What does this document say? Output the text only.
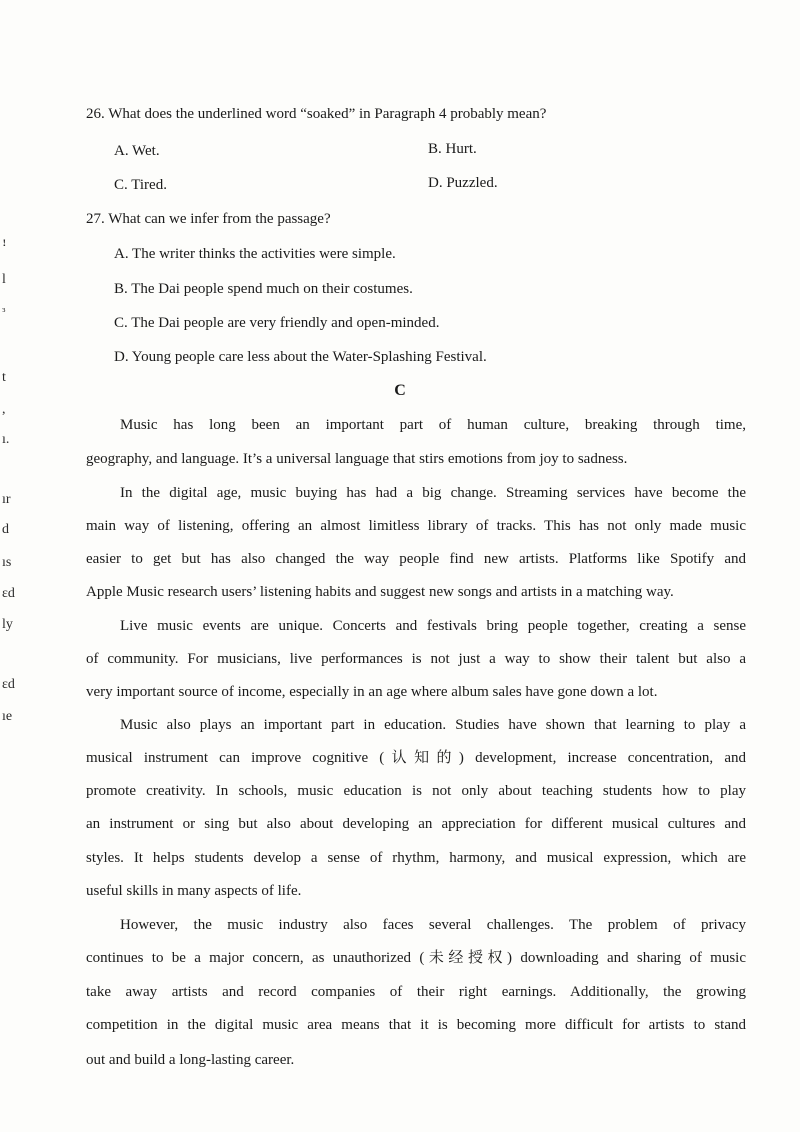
ꜝ
l
ᵌ
t
,
ı.
ır
d
ıs
ɛd
ly
ɛd
ıe
26. What does the underlined word “soaked” in Paragraph 4 probably mean?
A. Wet.	B. Hurt.
C. Tired.	D. Puzzled.
27. What can we infer from the passage?
A. The writer thinks the activities were simple.
B. The Dai people spend much on their costumes.
C. The Dai people are very friendly and open-minded.
D. Young people care less about the Water-Splashing Festival.
C
Music has long been an important part of human culture, breaking through time,
geography, and language. It’s a universal language that stirs emotions from joy to sadness.
In the digital age, music buying has had a big change. Streaming services have become the
main way of listening, offering an almost limitless library of tracks. This has not only made music
easier to get but has also changed the way people find new artists. Platforms like Spotify and
Apple Music research users’ listening habits and suggest new songs and artists in a matching way.
Live music events are unique. Concerts and festivals bring people together, creating a sense
of community. For musicians, live performances is not just a way to show their talent but also a
very important source of income, especially in an age where album sales have gone down a lot.
Music also plays an important part in education. Studies have shown that learning to play a
musical instrument can improve cognitive (认知的) development, increase concentration, and
promote creativity. In schools, music education is not only about teaching students how to play
an instrument or sing but also about developing an appreciation for different musical cultures and
styles. It helps students develop a sense of rhythm, harmony, and musical expression, which are
useful skills in many aspects of life.
However, the music industry also faces several challenges. The problem of privacy
continues to be a major concern, as unauthorized (未经授权) downloading and sharing of music
take away artists and record companies of their right earnings. Additionally, the growing
competition in the digital music area means that it is becoming more difficult for artists to stand
out and build a long-lasting career.
